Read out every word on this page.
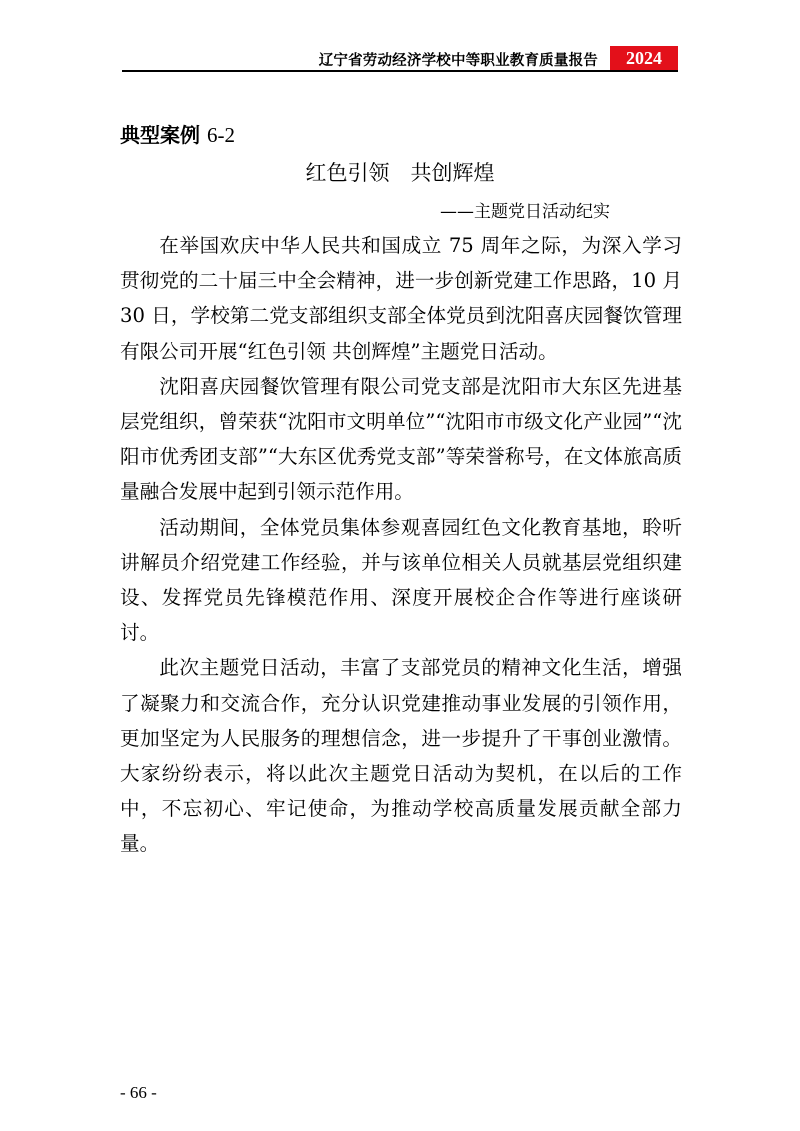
辽宁省劳动经济学校中等职业教育质量报告	2024
典型案例 6-2
红色引领　共创辉煌
——主题党日活动纪实

在举国欢庆中华人民共和国成立 75 周年之际，为深入学习贯彻党的二十届三中全会精神，进一步创新党建工作思路，10 月 30 日，学校第二党支部组织支部全体党员到沈阳喜庆园餐饮管理有限公司开展“红色引领 共创辉煌”主题党日活动。

沈阳喜庆园餐饮管理有限公司党支部是沈阳市大东区先进基层党组织，曾荣获“沈阳市文明单位”“沈阳市市级文化产业园”“沈阳市优秀团支部”“大东区优秀党支部”等荣誉称号，在文体旅高质量融合发展中起到引领示范作用。

活动期间，全体党员集体参观喜园红色文化教育基地，聆听讲解员介绍党建工作经验，并与该单位相关人员就基层党组织建设、发挥党员先锋模范作用、深度开展校企合作等进行座谈研讨。

此次主题党日活动，丰富了支部党员的精神文化生活，增强了凝聚力和交流合作，充分认识党建推动事业发展的引领作用，更加坚定为人民服务的理想信念，进一步提升了干事创业激情。大家纷纷表示，将以此次主题党日活动为契机，在以后的工作中，不忘初心、牢记使命，为推动学校高质量发展贡献全部力量。

- 66 -
